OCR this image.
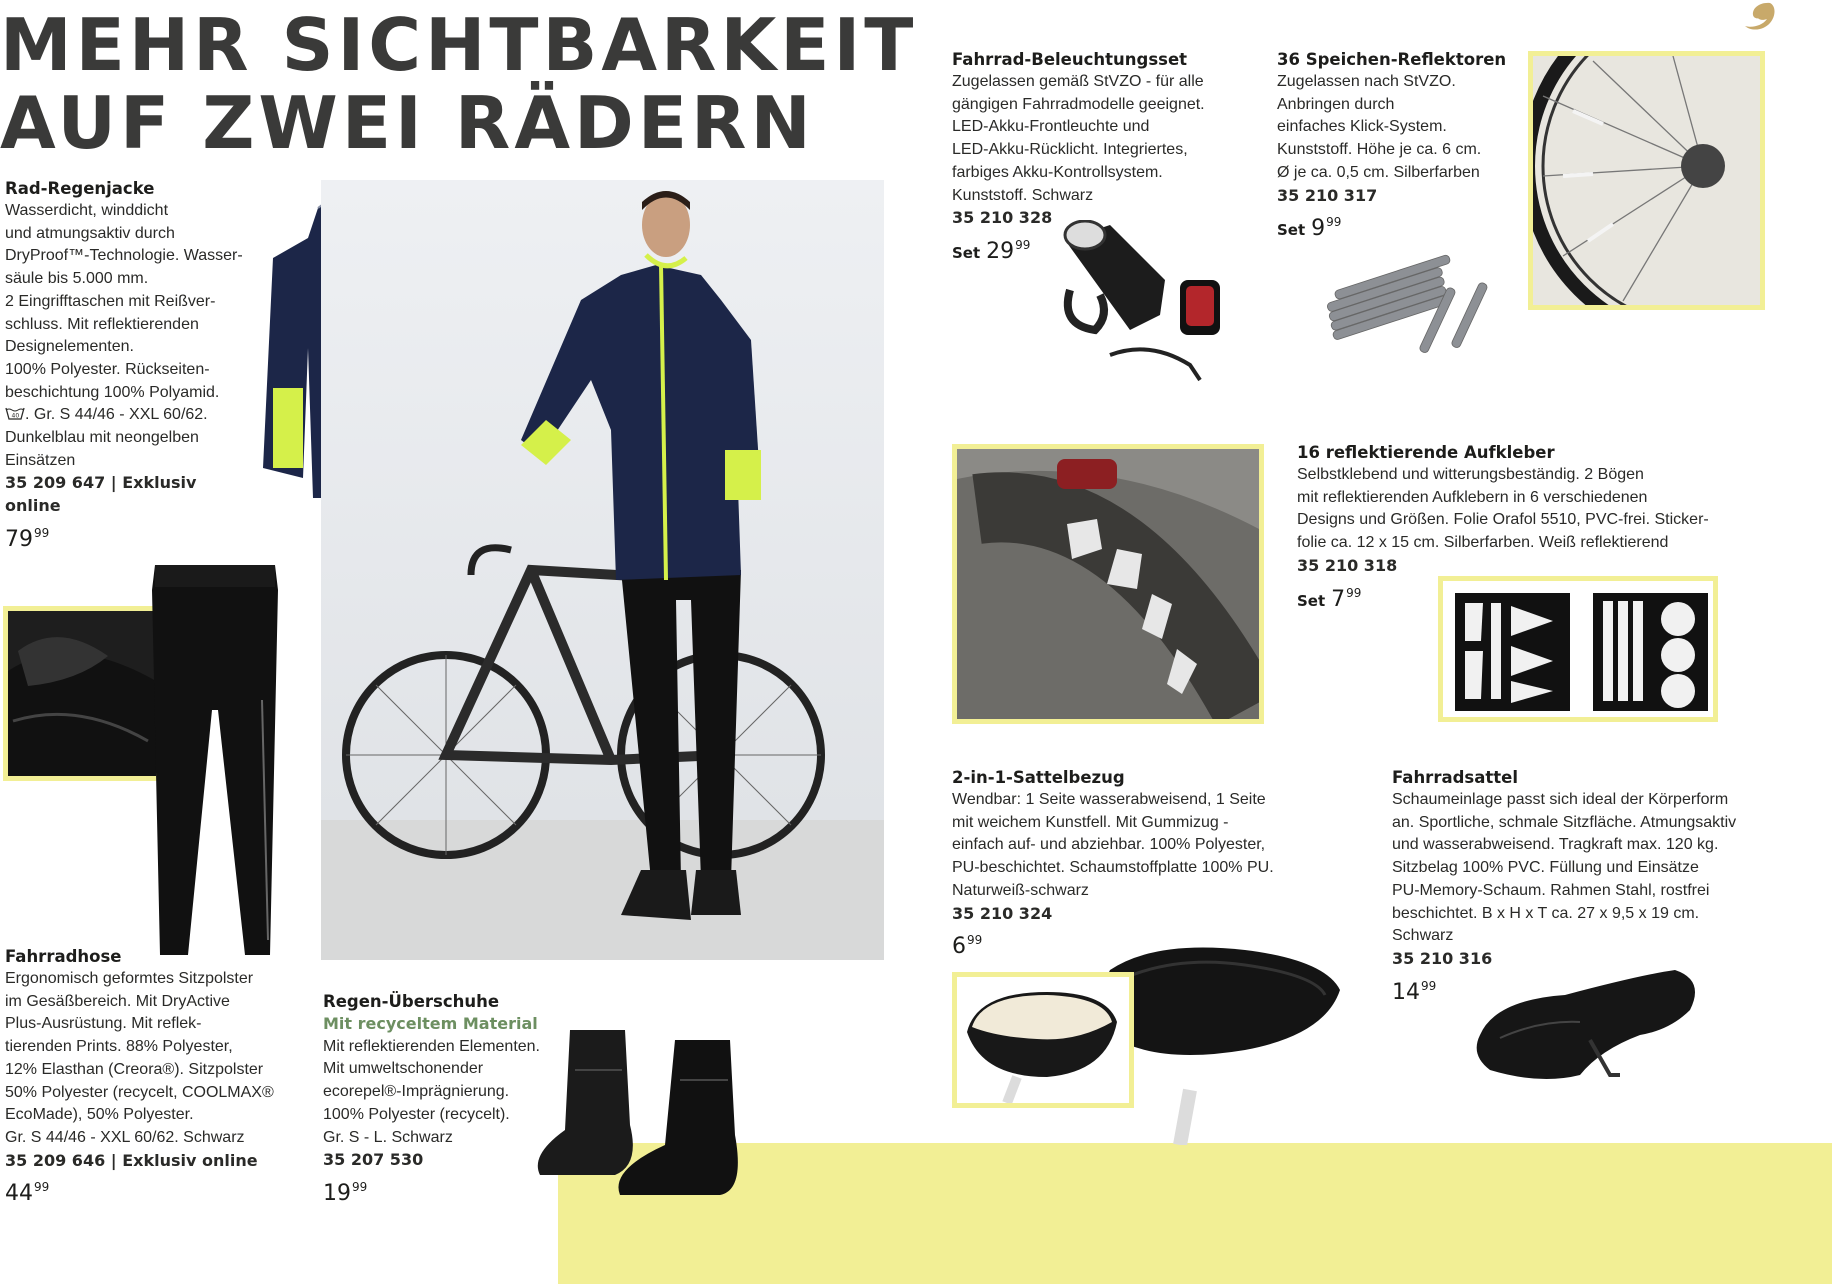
MEHR SICHTBARKEIT
AUF ZWEI RÄDERN
Rad-Regenjacke
Wasserdicht, winddicht
und atmungsaktiv durch
DryProof™-Technologie. Wasser-
säule bis 5.000 mm.
2 Eingrifftaschen mit Reißver-
schluss. Mit reflektierenden
Designelementen.
100% Polyester. Rückseiten-
beschichtung 100% Polyamid.
40 . Gr. S 44/46 - XXL 60/62.
Dunkelblau mit neongelben
Einsätzen
35 209 647 | Exklusiv online
$79^{99}$
Fahrradhose
Ergonomisch geformtes Sitzpolster
im Gesäßbereich. Mit DryActive
Plus-Ausrüstung. Mit reflek-
tierenden Prints. 88% Polyester,
12% Elasthan (Creora®). Sitzpolster
50% Polyester (recycelt, COOLMAX®
EcoMade), 50% Polyester.
Gr. S 44/46 - XXL 60/62. Schwarz
35 209 646 | Exklusiv online
$44^{99}$
Regen-Überschuhe
Mit recyceltem Material
Mit reflektierenden Elementen.
Mit umweltschonender
ecorepel®-Imprägnierung.
100% Polyester (recycelt).
Gr. S - L. Schwarz
35 207 530
$19^{99}$
Fahrrad-Beleuchtungsset
Zugelassen gemäß StVZO - für alle
gängigen Fahrradmodelle geeignet.
LED-Akku-Frontleuchte und
LED-Akku-Rücklicht. Integriertes,
farbiges Akku-Kontrollsystem.
Kunststoff. Schwarz
35 210 328
Set $29^{99}$
36 Speichen-Reflektoren
Zugelassen nach StVZO.
Anbringen durch
einfaches Klick-System.
Kunststoff. Höhe je ca. 6 cm.
Ø je ca. 0,5 cm. Silberfarben
35 210 317
Set $9^{99}$
16 reflektierende Aufkleber
Selbstklebend und witterungsbeständig. 2 Bögen
mit reflektierenden Aufklebern in 6 verschiedenen
Designs und Größen. Folie Orafol 5510, PVC-frei. Sticker-
folie ca. 12 x 15 cm. Silberfarben. Weiß reflektierend
35 210 318
Set $7^{99}$
2-in-1-Sattelbezug
Wendbar: 1 Seite wasserabweisend, 1 Seite
mit weichem Kunstfell. Mit Gummizug -
einfach auf- und abziehbar. 100% Polyester,
PU-beschichtet. Schaumstoffplatte 100% PU.
Naturweiß-schwarz
35 210 324
$6^{99}$
Fahrradsattel
Schaumeinlage passt sich ideal der Körperform
an. Sportliche, schmale Sitzfläche. Atmungsaktiv
und wasserabweisend. Tragkraft max. 120 kg.
Sitzbelag 100% PVC. Füllung und Einsätze
PU-Memory-Schaum. Rahmen Stahl, rostfrei
beschichtet. B x H x T ca. 27 x 9,5 x 19 cm.
Schwarz
35 210 316
$14^{99}$
